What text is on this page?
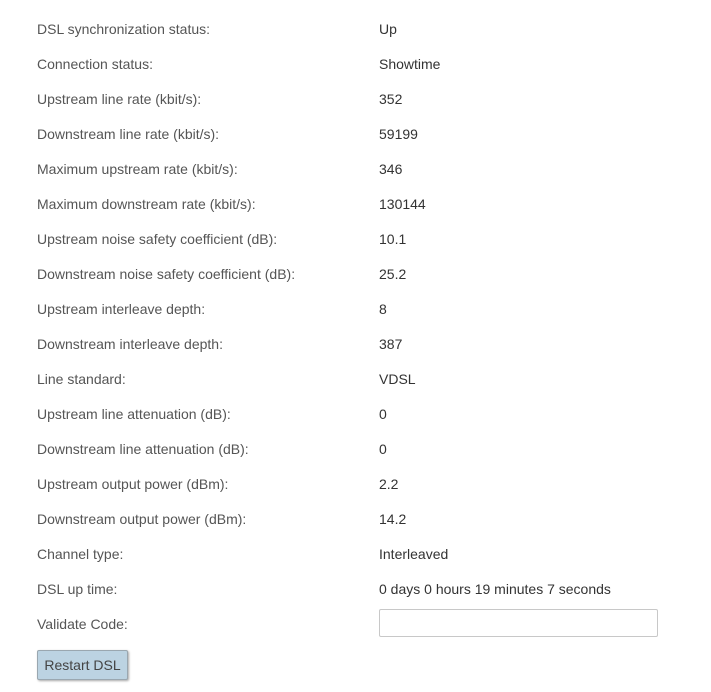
DSL synchronization status:	Up
Connection status:	Showtime
Upstream line rate (kbit/s):	352
Downstream line rate (kbit/s):	59199
Maximum upstream rate (kbit/s):	346
Maximum downstream rate (kbit/s):	130144
Upstream noise safety coefficient (dB):	10.1
Downstream noise safety coefficient (dB):	25.2
Upstream interleave depth:	8
Downstream interleave depth:	387
Line standard:	VDSL
Upstream line attenuation (dB):	0
Downstream line attenuation (dB):	0
Upstream output power (dBm):	2.2
Downstream output power (dBm):	14.2
Channel type:	Interleaved
DSL up time:	0 days 0 hours 19 minutes 7 seconds
Validate Code:
Restart DSL
